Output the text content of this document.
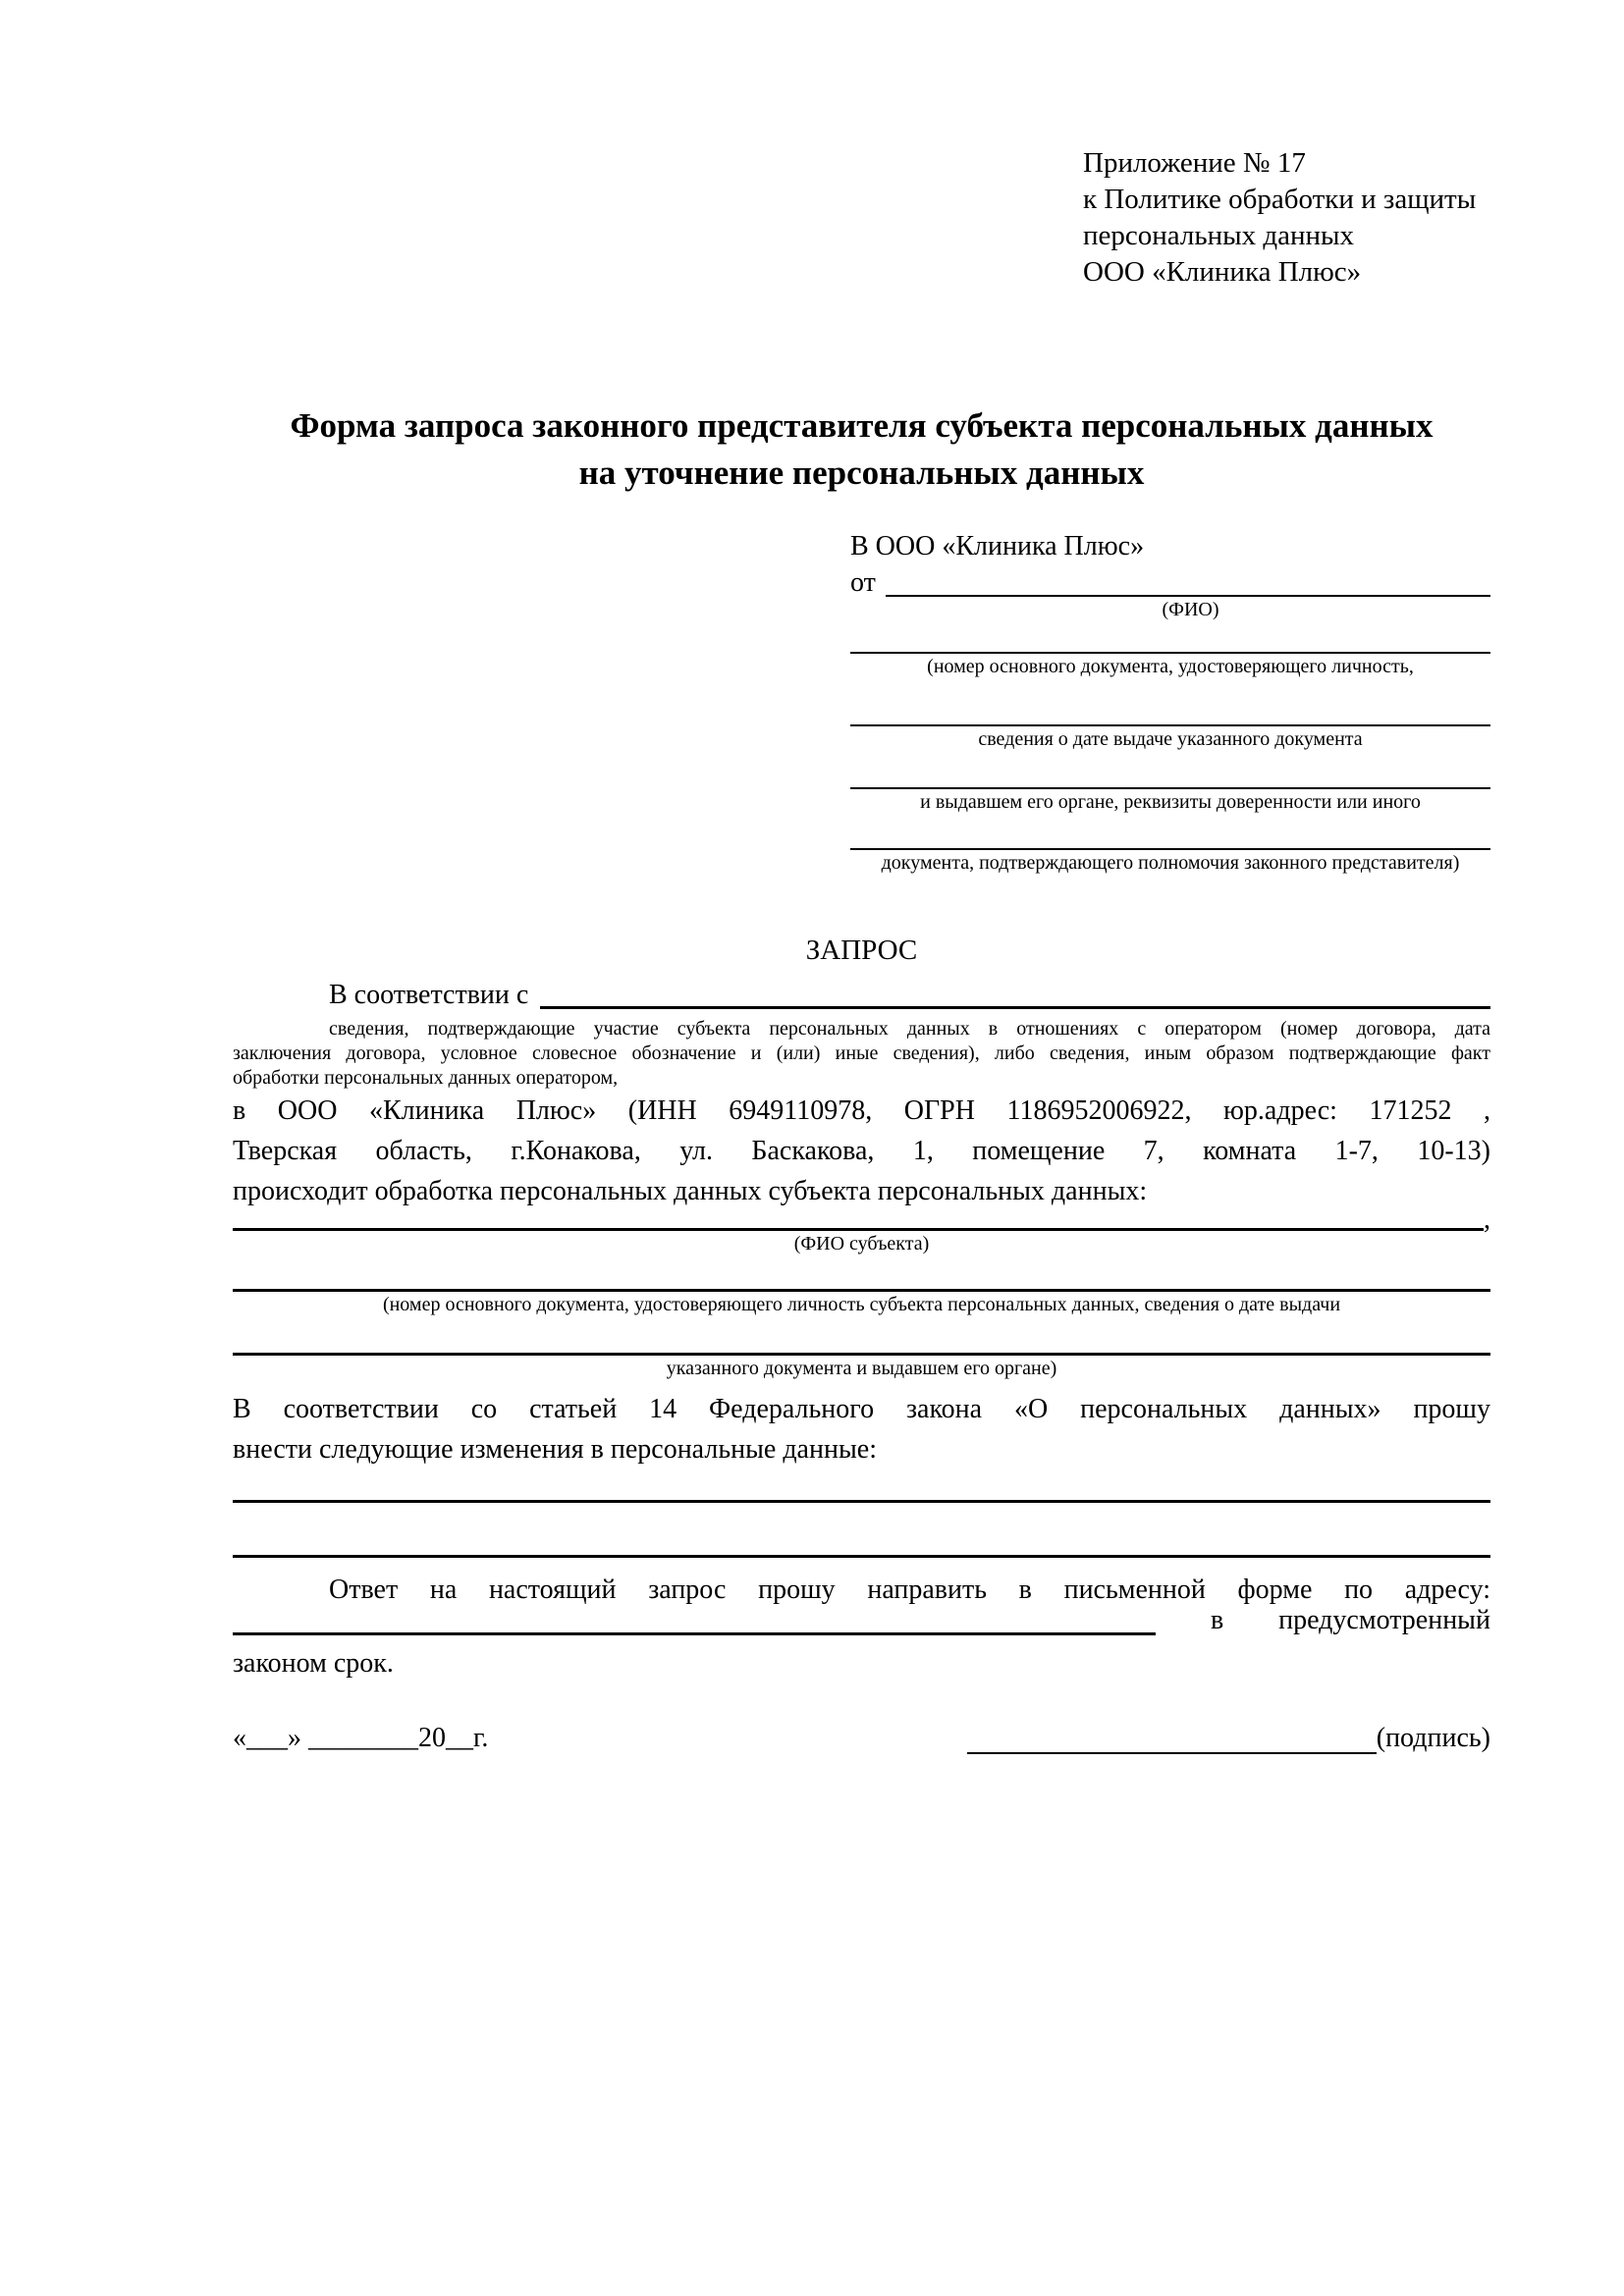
Приложение № 17
к Политике обработки и защиты
персональных данных
ООО «Клиника Плюс»
Форма запроса законного представителя субъекта персональных данных
на уточнение персональных данных
В ООО «Клиника Плюс»
от
(ФИО)
(номер основного документа, удостоверяющего личность,
сведения о дате выдаче указанного документа
и выдавшем его органе, реквизиты доверенности или иного
документа, подтверждающего полномочия законного представителя)
ЗАПРОС
В соответствии с
сведения, подтверждающие участие субъекта персональных данных в отношениях с оператором (номер договора, дата
заключения договора, условное словесное обозначение и (или) иные сведения), либо сведения, иным образом подтверждающие факт
обработки персональных данных оператором,
в ООО «Клиника Плюс» (ИНН 6949110978, ОГРН 1186952006922, юр.адрес: 171252 ,
Тверская область, г.Конакова, ул. Баскакова, 1, помещение 7, комната 1-7, 10-13)
происходит обработка персональных данных субъекта персональных данных:
,
(ФИО субъекта)
(номер основного документа, удостоверяющего личность субъекта персональных данных, сведения о дате выдачи
указанного документа и выдавшем его органе)
В соответствии со статьей 14 Федерального закона «О персональных данных» прошу
внести следующие изменения в персональные данные:
Ответ на настоящий запрос прошу направить в письменной форме по адресу:
в предусмотренный
законом срок.
«___» ________20__г.	(подпись)
